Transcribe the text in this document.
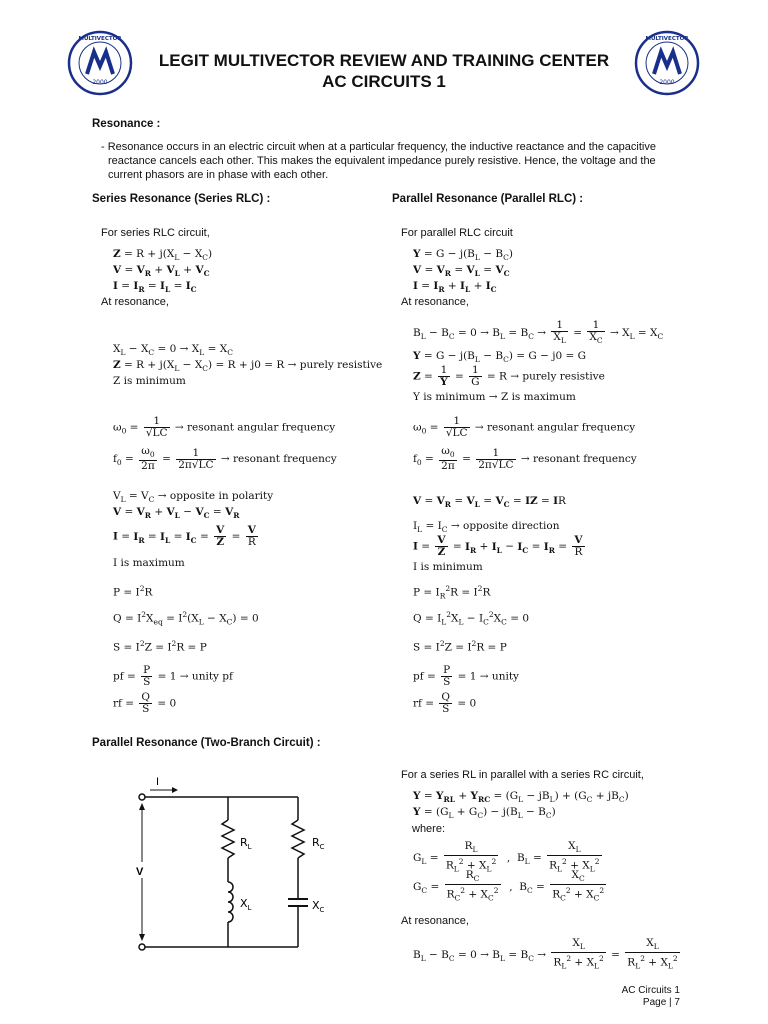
2000
MULTIVECTOR
2000
MULTIVECTOR
LEGIT MULTIVECTOR REVIEW AND TRAINING CENTER
AC CIRCUITS 1
Resonance :
- Resonance occurs in an electric circuit when at a particular frequency, the inductive reactance and the capacitive
reactance cancels each other. This makes the equivalent impedance purely resistive. Hence, the voltage and the
current phasors are in phase with each other.
Series Resonance (Series RLC) :
For series RLC circuit,
$Z = R + j(X_L - X_C)$
$V = V_R + V_L + V_C$
$I = I_R = I_L = I_C$
At resonance,
$X_L - X_C = 0 \to X_L = X_C$
$Z = R + j(X_L - X_C) = R + j0 = R$ → purely resistive
Z is minimum
$\omega_0 = \frac{1}{√LC}$ → resonant angular frequency
$f_0 = \frac{\omega_0}{2\pi} = \frac{1}{2\pi√LC}$ → resonant frequency
$V_L = V_C$ → opposite in polarity
$V = V_R + V_L - V_C = V_R$
$I = I_R = I_L = I_C = \frac{V}{Z} = \frac{V}{R}$
I is maximum
$P = I^2R$
$Q = I^2X_{eq} = I^2(X_L - X_C) = 0$
$S = I^2Z = I^2R = P$
pf = $\frac{P}{S} = 1$ → unity pf
rf = $\frac{Q}{S} = 0$
Parallel Resonance (Parallel RLC) :
For parallel RLC circuit
$Y = G - j(B_L - B_C)$
$V = V_R = V_L = V_C$
$I = I_R + I_L + I_C$
At resonance,
$B_L - B_C = 0 \to B_L = B_C \to \frac{1}{X_L} = \frac{1}{X_C} \to X_L = X_C$
$Y = G - j(B_L - B_C) = G - j0 = G$
$Z = \frac{1}{Y} = \frac{1}{G} = R$ → purely resistive
Y is minimum → Z is maximum
$\omega_0 = \frac{1}{√LC}$ → resonant angular frequency
$f_0 = \frac{\omega_0}{2\pi} = \frac{1}{2\pi√LC}$ → resonant frequency
$V = V_R = V_L = V_C$ = IZ = IR
$I_L = I_C$ → opposite direction
$I = \frac{V}{Z} = I_R + I_L - I_C = I_R = \frac{V}{R}$
I is minimum
$P = I_R^2R = I^2R$
$Q = I_L^2X_L - I_C^2X_C = 0$
$S = I^2Z = I^2R = P$
pf = $\frac{P}{S} = 1$ → unity
rf = $\frac{Q}{S} = 0$
Parallel Resonance (Two-Branch Circuit) :
I
V
$R_L$
$X_L$
$R_C$
$X_C$
For a series RL in parallel with a series RC circuit,
$Y = Y_{RL} + Y_{RC} = (G_L - jB_L) + (G_C + jB_C)$
$Y = (G_L + G_C) - j(B_L - B_C)$
where:
$G_L = \frac{R_L}{R_L^2 + X_L^2}$ ,  $B_L = \frac{X_L}{R_L^2 + X_L^2}$
$G_C = \frac{R_C}{R_C^2 + X_C^2}$ ,  $B_C = \frac{X_C}{R_C^2 + X_C^2}$
At resonance,
$B_L - B_C = 0 \to B_L = B_C \to \frac{X_L}{R_L^2 + X_L^2} = \frac{X_L}{R_L^2 + X_L^2}$
AC Circuits 1
Page | 7
